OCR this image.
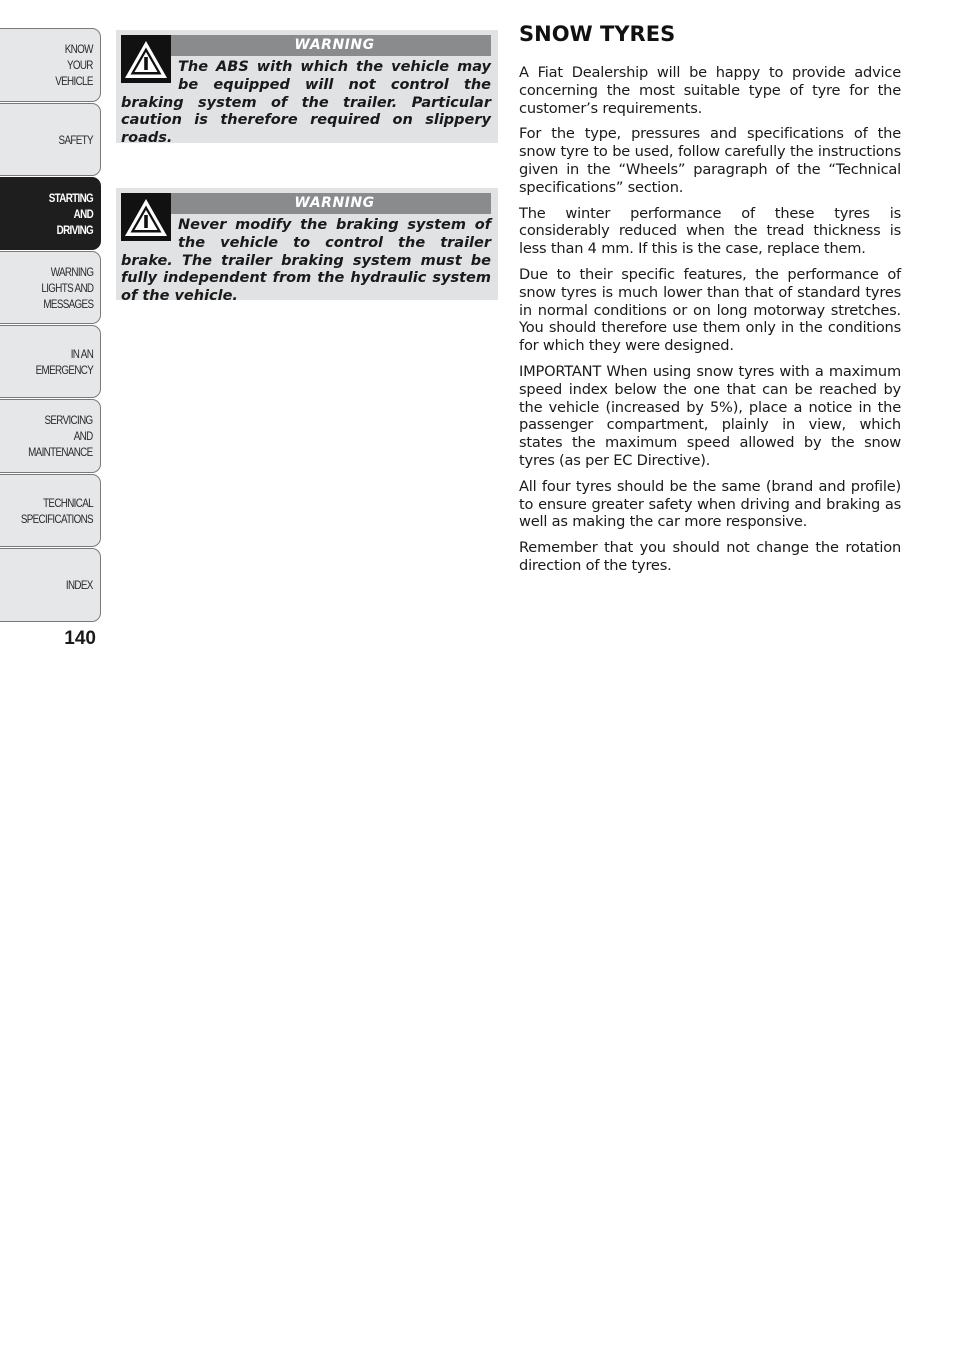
KNOW
YOUR
VEHICLE
SAFETY
STARTING
AND
DRIVING
WARNING
LIGHTS AND
MESSAGES
IN AN
EMERGENCY
SERVICING
AND
MAINTENANCE
TECHNICAL
SPECIFICATIONS
INDEX
140
WARNING
The ABS with which the vehicle may be equipped will not control the braking system of the trailer. Particular caution is therefore required on slippery roads.
WARNING
Never modify the braking system of the vehicle to control the trailer brake. The trailer braking system must be fully independent from the hydraulic system of the vehicle.
SNOW TYRES

A Fiat Dealership will be happy to provide advice concerning the most suitable type of tyre for the customer’s requirements.

For the type, pressures and specifications of the snow tyre to be used, follow carefully the instructions given in the “Wheels” paragraph of the “Technical specifications” section.

The winter performance of these tyres is considerably reduced when the tread thickness is less than 4 mm. If this is the case, replace them.

Due to their specific features, the performance of snow tyres is much lower than that of standard tyres in normal conditions or on long motorway stretches. You should therefore use them only in the conditions for which they were designed.

IMPORTANT When using snow tyres with a maximum speed index below the one that can be reached by the vehicle (increased by 5%), place a notice in the passenger compartment, plainly in view, which states the maximum speed allowed by the snow tyres (as per EC Directive).

All four tyres should be the same (brand and profile) to ensure greater safety when driving and braking as well as making the car more responsive.

Remember that you should not change the rotation direction of the tyres.
